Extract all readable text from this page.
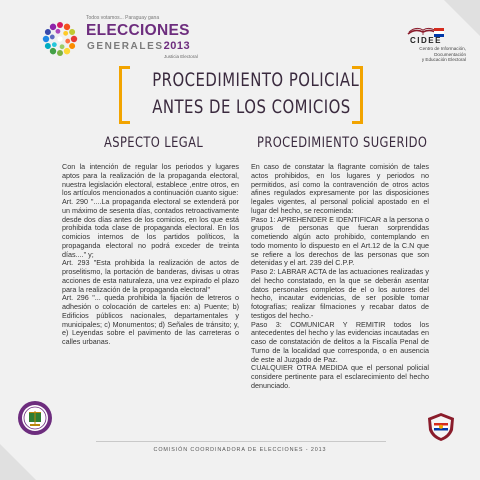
Todos votamos... Paraguay gana
ELECCIONES
GENERALES2013
Justicia Electoral
CIDEE
Centro de Información,
Documentación
y Educación Electoral
PROCEDIMIENTO POLICIAL
ANTES DE LOS COMICIOS
ASPECTO LEGAL	PROCEDIMIENTO SUGERIDO

Con la intención de regular los periodos y lugares aptos para la realización de la propaganda electoral, nuestra legislación electoral, establece ,entre otros, en los artículos mencionados a continuación cuanto sigue:

Art. 290 "....La propaganda electoral se extenderá por un máximo de sesenta días, contados retroactivamente desde dos días antes de los comicios, en los que está prohibida toda clase de propaganda electoral. En los comicios internos de los partidos políticos, la propaganda electoral no podrá exceder de treinta días...." y;

Art. 293 "Esta prohibida la realización de actos de proselitismo, la portación de banderas, divisas u otras acciones de esta naturaleza, una vez expirado el plazo para la realización de la propaganda electoral"

Art. 296 "... queda prohibida la fijación de letreros o adhesión o colocación de carteles en: a) Puente; b) Edificios públicos nacionales, departamentales y municipales; c) Monumentos; d) Señales de tránsito; y, e) Leyendas sobre el pavimento de las carreteras o calles urbanas.

En caso de constatar la flagrante comisión de tales actos prohibidos, en los lugares y periodos no permitidos, así como la contravención de otros actos afines regulados expresamente por las disposiciones legales vigentes, al personal policial apostado en el lugar del hecho, se recomienda:

Paso 1: APREHENDER E IDENTIFICAR a la persona o grupos de personas que fueran sorprendidas cometiendo algún acto prohibido, contemplando en todo momento lo dispuesto en el Art.12 de la C.N que se refiere a los derechos de las personas que son detenidas y el art. 239 del C.P.P.

Paso 2: LABRAR ACTA de las actuaciones realizadas y del hecho constatado, en la que se deberán asentar datos personales completos de el o los autores del hecho, incautar evidencias, de ser posible tomar fotografías; realizar filmaciones y recabar datos de testigos del hecho.-

Paso 3: COMUNICAR Y REMITIR todos los antecedentes del hecho y las evidencias incautadas en caso de constatación de delitos a la Fiscalía Penal de Turno de la localidad que corresponda, o en ausencia de este al Juzgado de Paz.

CUALQUIER OTRA MEDIDA que el personal policial considere pertinente para el esclarecimiento del hecho denunciado.

COMISIÓN COORDINADORA DE ELECCIONES - 2013
